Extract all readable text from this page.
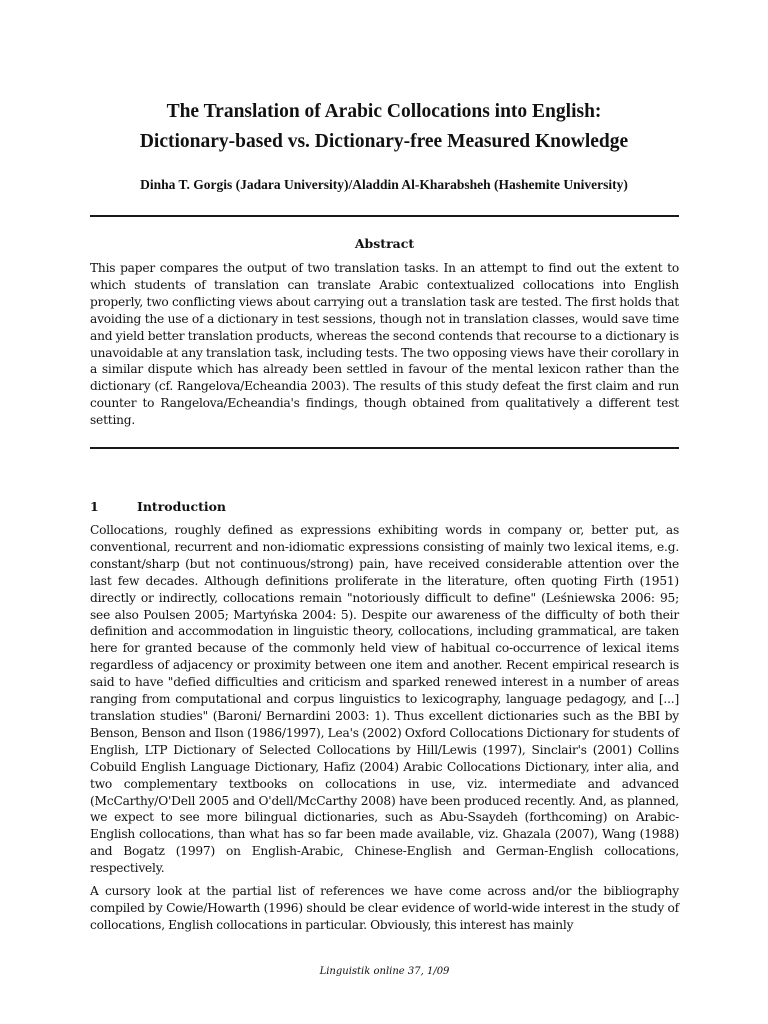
The Translation of Arabic Collocations into English:
Dictionary-based vs. Dictionary-free Measured Knowledge
Dinha T. Gorgis (Jadara University)/Aladdin Al-Kharabsheh (Hashemite University)
Abstract
This paper compares the output of two translation tasks. In an attempt to find out the extent to which students of translation can translate Arabic contextualized collocations into English properly, two conflicting views about carrying out a translation task are tested. The first holds that avoiding the use of a dictionary in test sessions, though not in translation classes, would save time and yield better translation products, whereas the second contends that recourse to a dictionary is unavoidable at any translation task, including tests. The two opposing views have their corollary in a similar dispute which has already been settled in favour of the mental lexicon rather than the dictionary (cf. Rangelova/Echeandia 2003). The results of this study defeat the first claim and run counter to Rangelova/Echeandia's findings, though obtained from qualitatively a different test setting.
1	Introduction

Collocations, roughly defined as expressions exhibiting words in company or, better put, as conventional, recurrent and non-idiomatic expressions consisting of mainly two lexical items, e.g. constant/sharp (but not continuous/strong) pain, have received considerable attention over the last few decades. Although definitions proliferate in the literature, often quoting Firth (1951) directly or indirectly, collocations remain "notoriously difficult to define" (Leśniewska 2006: 95; see also Poulsen 2005; Martyńska 2004: 5). Despite our awareness of the difficulty of both their definition and accommodation in linguistic theory, collocations, including grammatical, are taken here for granted because of the commonly held view of habitual co-occurrence of lexical items regardless of adjacency or proximity between one item and another. Recent empirical research is said to have "defied difficulties and criticism and sparked renewed interest in a number of areas ranging from computational and corpus linguistics to lexicography, language pedagogy, and [...] translation studies" (Baroni/ Bernardini 2003: 1). Thus excellent dictionaries such as the BBI by Benson, Benson and Ilson (1986/1997), Lea's (2002) Oxford Collocations Dictionary for students of English, LTP Dictionary of Selected Collocations by Hill/Lewis (1997), Sinclair's (2001) Collins Cobuild English Language Dictionary, Hafiz (2004) Arabic Collocations Dictionary, inter alia, and two complementary textbooks on collocations in use, viz. intermediate and advanced (McCarthy/O'Dell 2005 and O'dell/McCarthy 2008) have been produced recently. And, as planned, we expect to see more bilingual dictionaries, such as Abu-Ssaydeh (forthcoming) on Arabic-English collocations, than what has so far been made available, viz. Ghazala (2007), Wang (1988) and Bogatz (1997) on English-Arabic, Chinese-English and German-English collocations, respectively.

A cursory look at the partial list of references we have come across and/or the bibliography compiled by Cowie/Howarth (1996) should be clear evidence of world-wide interest in the study of collocations, English collocations in particular. Obviously, this interest has mainly

Linguistik online 37, 1/09
